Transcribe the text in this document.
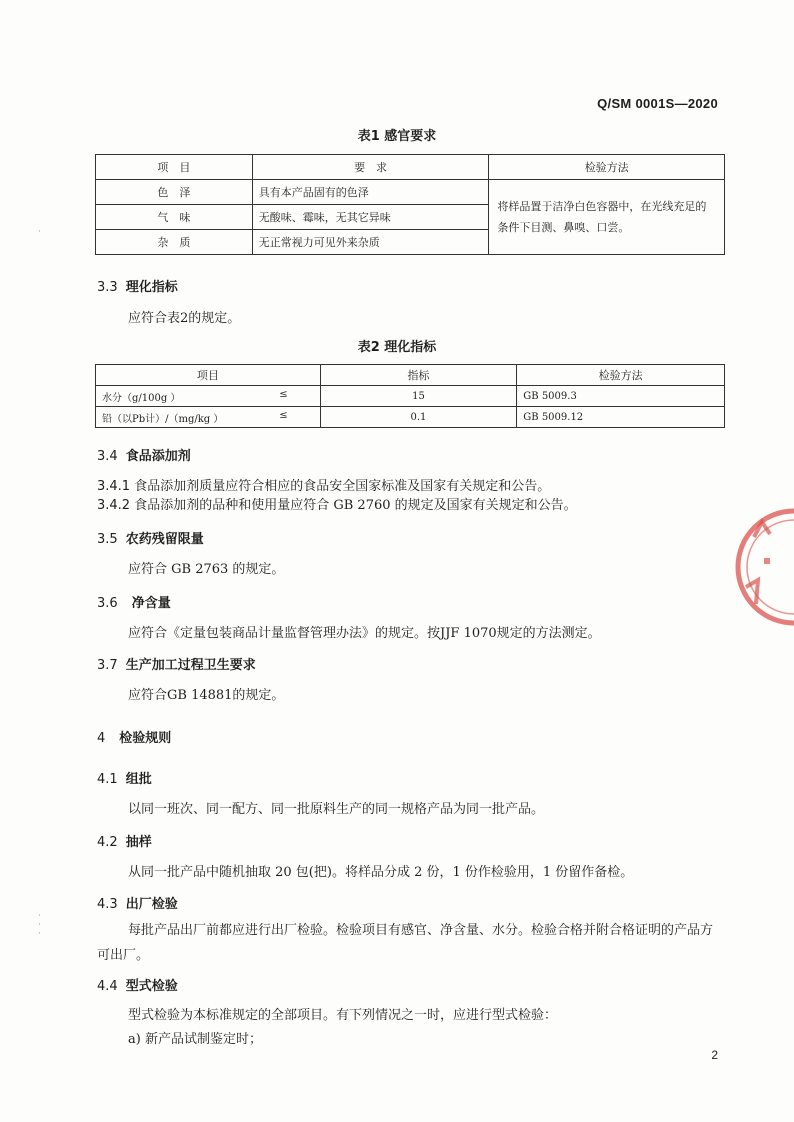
Q/SM 0001S—2020
表1 感官要求
项　目	要　求	检验方法
色　泽	具有本产品固有的色泽	将样品置于洁净白色容器中，在光线充足的条件下目测、鼻嗅、口尝。
气　味	无酸味、霉味，无其它异味	
杂　质	无正常视力可见外来杂质	
3.3 理化指标
应符合表2的规定。
表2 理化指标
项目	指标	检验方法
水分（g/100g ） ≤	15	GB 5009.3
铅（以Pb计）/（mg/kg ） ≤	0.1	GB 5009.12
3.4 食品添加剂
3.4.1 食品添加剂质量应符合相应的食品安全国家标准及国家有关规定和公告。
3.4.2 食品添加剂的品种和使用量应符合 GB 2760 的规定及国家有关规定和公告。
3.5 农药残留限量
应符合 GB 2763 的规定。
3.6 净含量
应符合《定量包装商品计量监督管理办法》的规定。按JJF 1070规定的方法测定。
3.7 生产加工过程卫生要求
应符合GB 14881的规定。
4 检验规则
4.1 组批
以同一班次、同一配方、同一批原料生产的同一规格产品为同一批产品。
4.2 抽样
从同一批产品中随机抽取 20 包(把)。将样品分成 2 份，1 份作检验用，1 份留作备检。
4.3 出厂检验
每批产品出厂前都应进行出厂检验。检验项目有感官、净含量、水分。检验合格并附合格证明的产品方可出厂。
4.4 型式检验
型式检验为本标准规定的全部项目。有下列情况之一时，应进行型式检验：
a) 新产品试制鉴定时；
2
·
·
·
·
